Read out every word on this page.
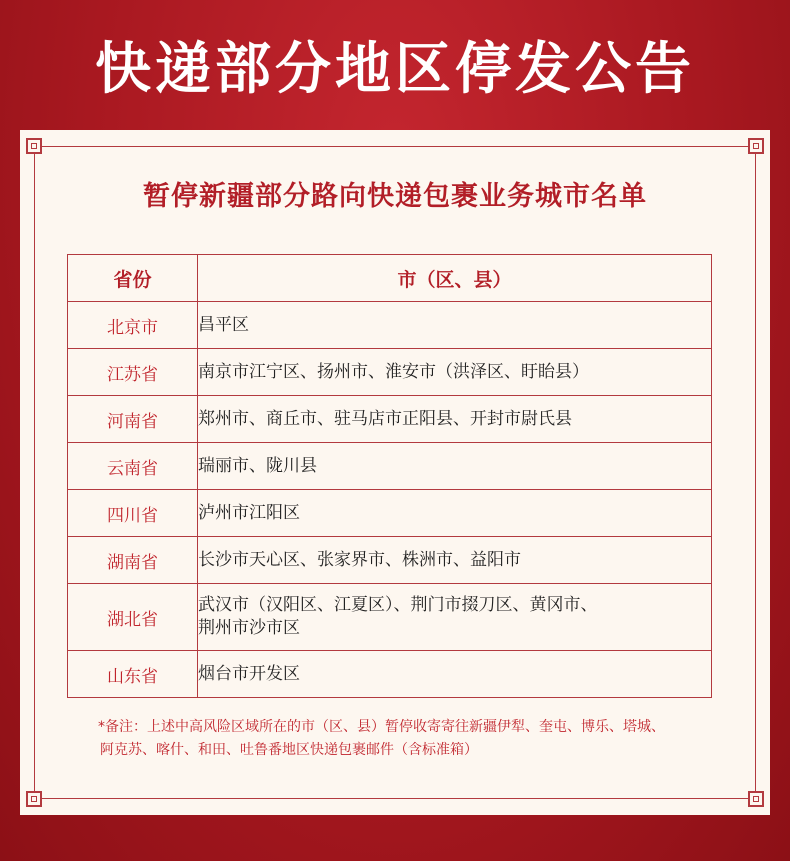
快递部分地区停发公告
暂停新疆部分路向快递包裹业务城市名单
省份	市（区、县）
北京市	昌平区
江苏省	南京市江宁区、扬州市、淮安市（洪泽区、盱眙县）
河南省	郑州市、商丘市、驻马店市正阳县、开封市尉氏县
云南省	瑞丽市、陇川县
四川省	泸州市江阳区
湖南省	长沙市天心区、张家界市、株洲市、益阳市
湖北省	武汉市（汉阳区、江夏区）、荆门市掇刀区、黄冈市、
荆州市沙市区

山东省	烟台市开发区
*备注：上述中高风险区域所在的市（区、县）暂停收寄寄往新疆伊犁、奎屯、博乐、塔城、
阿克苏、喀什、和田、吐鲁番地区快递包裹邮件（含标准箱）
